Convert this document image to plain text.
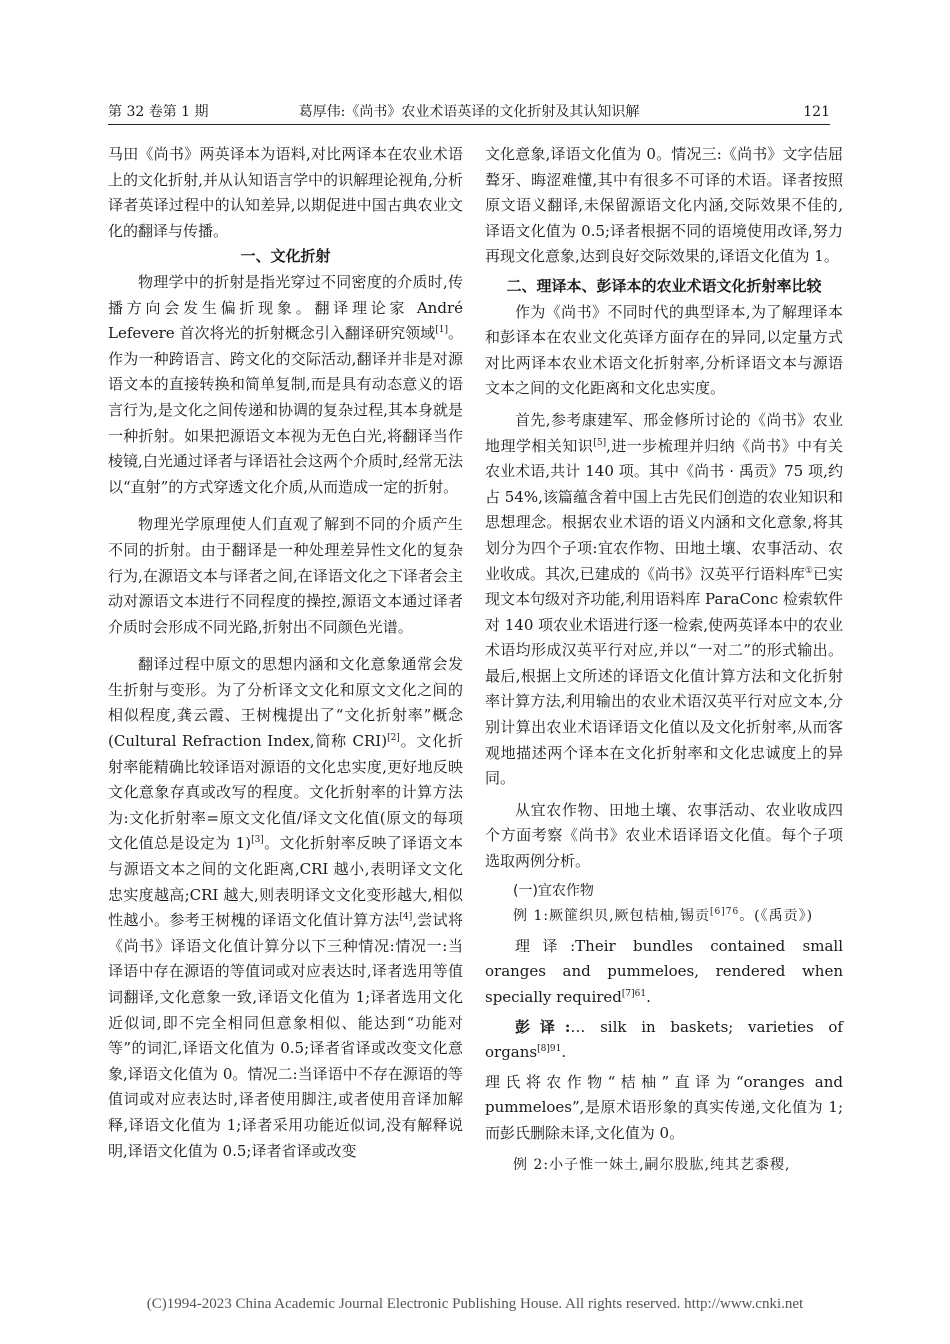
第 32 卷第 1 期	葛厚伟:《尚书》农业术语英译的文化折射及其认知识解	121

马田《尚书》两英译本为语料,对比两译本在农业术语上的文化折射,并从认知语言学中的识解理论视角,分析译者英译过程中的认知差异,以期促进中国古典农业文化的翻译与传播。

一、文化折射

物理学中的折射是指光穿过不同密度的介质时,传播方向会发生偏折现象。翻译理论家 André Lefevere 首次将光的折射概念引入翻译研究领域[1]。作为一种跨语言、跨文化的交际活动,翻译并非是对源语文本的直接转换和简单复制,而是具有动态意义的语言行为,是文化之间传递和协调的复杂过程,其本身就是一种折射。如果把源语文本视为无色白光,将翻译当作棱镜,白光通过译者与译语社会这两个介质时,经常无法以“直射”的方式穿透文化介质,从而造成一定的折射。

物理光学原理使人们直观了解到不同的介质产生不同的折射。由于翻译是一种处理差异性文化的复杂行为,在源语文本与译者之间,在译语文化之下译者会主动对源语文本进行不同程度的操控,源语文本通过译者介质时会形成不同光路,折射出不同颜色光谱。

翻译过程中原文的思想内涵和文化意象通常会发生折射与变形。为了分析译文文化和原文文化之间的相似程度,龚云霞、王树槐提出了“文化折射率”概念(Cultural Refraction Index,简称 CRI)[2]。文化折射率能精确比较译语对源语的文化忠实度,更好地反映文化意象存真或改写的程度。文化折射率的计算方法为:文化折射率=原文文化值/译文文化值(原文的每项文化值总是设定为 1)[3]。文化折射率反映了译语文本与源语文本之间的文化距离,CRI 越小,表明译文文化忠实度越高;CRI 越大,则表明译文文化变形越大,相似性越小。参考王树槐的译语文化值计算方法[4],尝试将《尚书》译语文化值计算分以下三种情况:情况一:当译语中存在源语的等值词或对应表达时,译者选用等值词翻译,文化意象一致,译语文化值为 1;译者选用文化近似词,即不完全相同但意象相似、能达到“功能对等”的词汇,译语文化值为 0.5;译者省译或改变文化意象,译语文化值为 0。情况二:当译语中不存在源语的等值词或对应表达时,译者使用脚注,或者使用音译加解释,译语文化值为 1;译者采用功能近似词,没有解释说明,译语文化值为 0.5;译者省译或改变

文化意象,译语文化值为 0。情况三:《尚书》文字佶屈聱牙、晦涩难懂,其中有很多不可译的术语。译者按照原文语义翻译,未保留源语文化内涵,交际效果不佳的,译语文化值为 0.5;译者根据不同的语境使用改译,努力再现文化意象,达到良好交际效果的,译语文化值为 1。

二、理译本、彭译本的农业术语文化折射率比较

作为《尚书》不同时代的典型译本,为了解理译本和彭译本在农业文化英译方面存在的异同,以定量方式对比两译本农业术语文化折射率,分析译语文本与源语文本之间的文化距离和文化忠实度。

首先,参考康建军、邢金修所讨论的《尚书》农业地理学相关知识[5],进一步梳理并归纳《尚书》中有关农业术语,共计 140 项。其中《尚书 · 禹贡》75 项,约占 54%,该篇蕴含着中国上古先民们创造的农业知识和思想理念。根据农业术语的语义内涵和文化意象,将其划分为四个子项:宜农作物、田地土壤、农事活动、农业收成。其次,已建成的《尚书》汉英平行语料库①已实现文本句级对齐功能,利用语料库 ParaConc 检索软件对 140 项农业术语进行逐一检索,使两英译本中的农业术语均形成汉英平行对应,并以“一对二”的形式输出。最后,根据上文所述的译语文化值计算方法和文化折射率计算方法,利用输出的农业术语汉英平行对应文本,分别计算出农业术语译语文化值以及文化折射率,从而客观地描述两个译本在文化折射率和文化忠诚度上的异同。

从宜农作物、田地土壤、农事活动、农业收成四个方面考察《尚书》农业术语译语文化值。每个子项选取两例分析。

(一)宜农作物

例 1:厥篚织贝,厥包桔柚,锡贡$^{[6]76}$。(《禹贡》)

理译:Their bundles contained small oranges and pummeloes, rendered when specially required$^{[7]61}$.

彭译:… silk in baskets; varieties of organs$^{[8]91}$.

理氏将农作物“桔柚”直译为“oranges and pummeloes”,是原术语形象的真实传递,文化值为 1;而彭氏删除未译,文化值为 0。

例 2:小子惟一妹土,嗣尔股肱,纯其艺黍稷,

(C)1994-2023 China Academic Journal Electronic Publishing House. All rights reserved. http://www.cnki.net
